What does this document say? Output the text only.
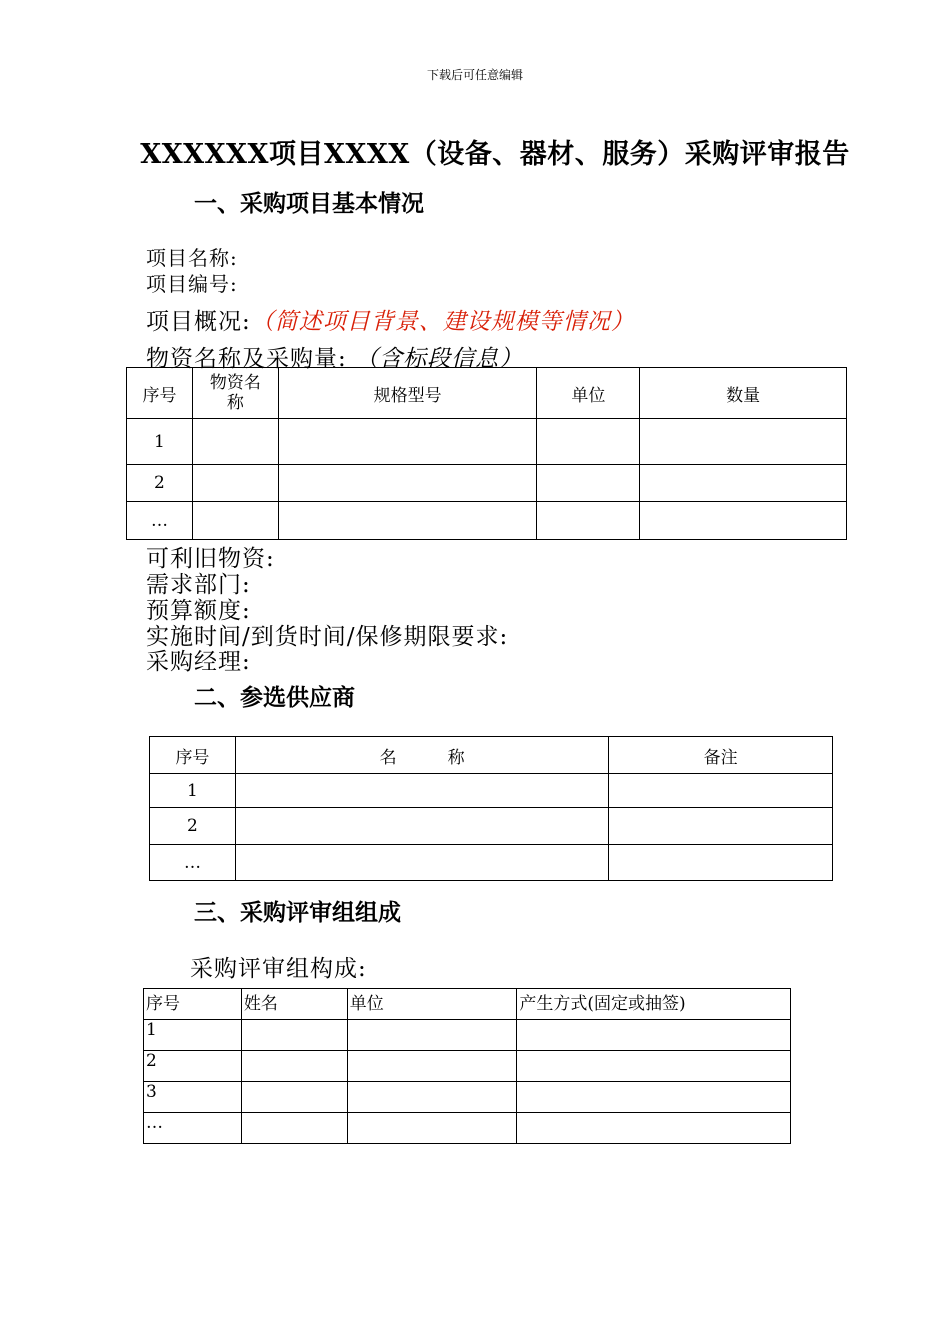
下载后可任意编辑
XXXXXX项目XXXX（设备、器材、服务）采购评审报告
一、采购项目基本情况
项目名称:
项目编号:
项目概况:（简述项目背景、建设规模等情况）
物资名称及采购量: （含标段信息）
序号	物资名称	规格型号	单位	数量
1				
2				
…				
可利旧物资:
需求部门:
预算额度:
实施时间/到货时间/保修期限要求:
采购经理:
二、参选供应商
序号	名　　　称	备注
1		
2		
…		
三、采购评审组组成
采购评审组构成:
序号	姓名	单位	产生方式(固定或抽签)
1			
2			
3			
…			
